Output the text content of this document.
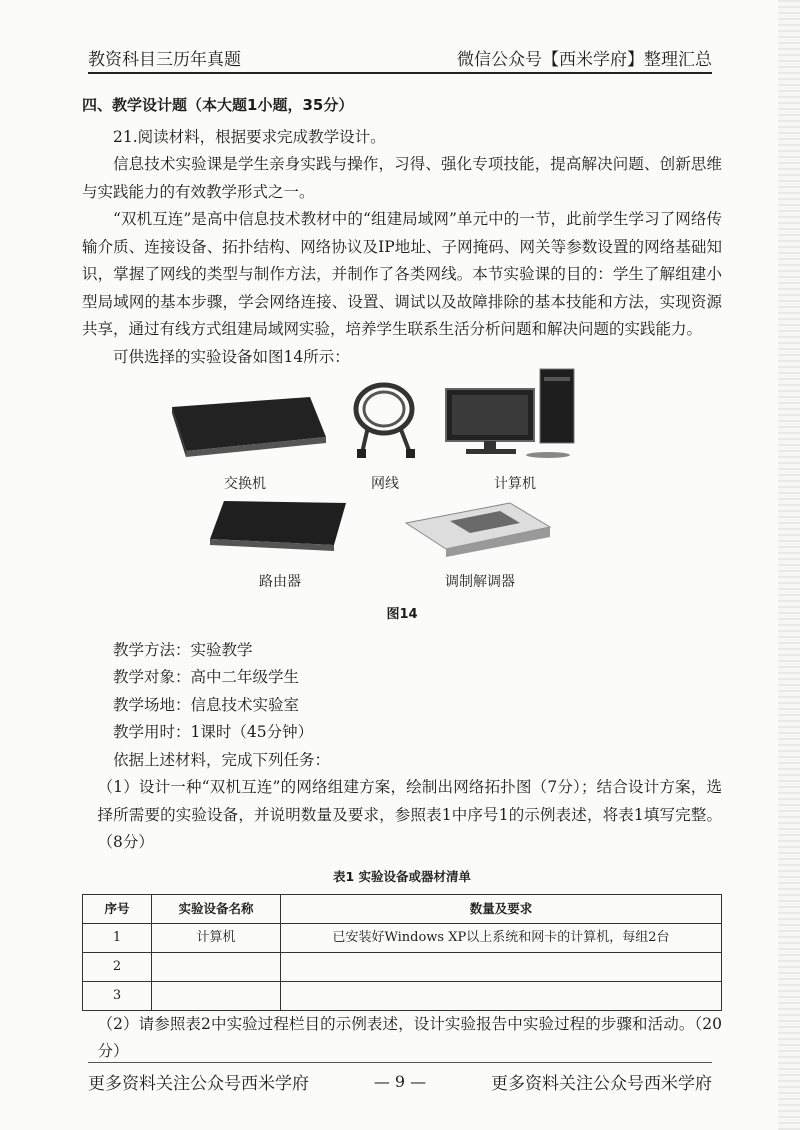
教资科目三历年真题	微信公众号【西米学府】整理汇总
四、教学设计题（本大题1小题，35分）

21.阅读材料，根据要求完成教学设计。

信息技术实验课是学生亲身实践与操作，习得、强化专项技能，提高解决问题、创新思维与实践能力的有效教学形式之一。

“双机互连”是高中信息技术教材中的“组建局域网”单元中的一节，此前学生学习了网络传输介质、连接设备、拓扑结构、网络协议及IP地址、子网掩码、网关等参数设置的网络基础知识，掌握了网线的类型与制作方法，并制作了各类网线。本节实验课的目的：学生了解组建小型局域网的基本步骤，学会网络连接、设置、调试以及故障排除的基本技能和方法，实现资源共享，通过有线方式组建局域网实验，培养学生联系生活分析问题和解决问题的实践能力。

可供选择的实验设备如图14所示：

交换机	网线	计算机
路由器	调制解调器
图14

教学方法：实验教学

教学对象：高中二年级学生

教学场地：信息技术实验室

教学用时：1课时（45分钟）

依据上述材料，完成下列任务：

（1）设计一种“双机互连”的网络组建方案，绘制出网络拓扑图（7分）；结合设计方案，选择所需要的实验设备，并说明数量及要求，参照表1中序号1的示例表述，将表1填写完整。（8分）

表1 实验设备或器材清单
序号	实验设备名称	数量及要求
1	计算机	已安装好Windows XP以上系统和网卡的计算机，每组2台
2		
3		

（2）请参照表2中实验过程栏目的示例表述，设计实验报告中实验过程的步骤和活动。（20分）

更多资料关注公众号西米学府	— 9 —	更多资料关注公众号西米学府
